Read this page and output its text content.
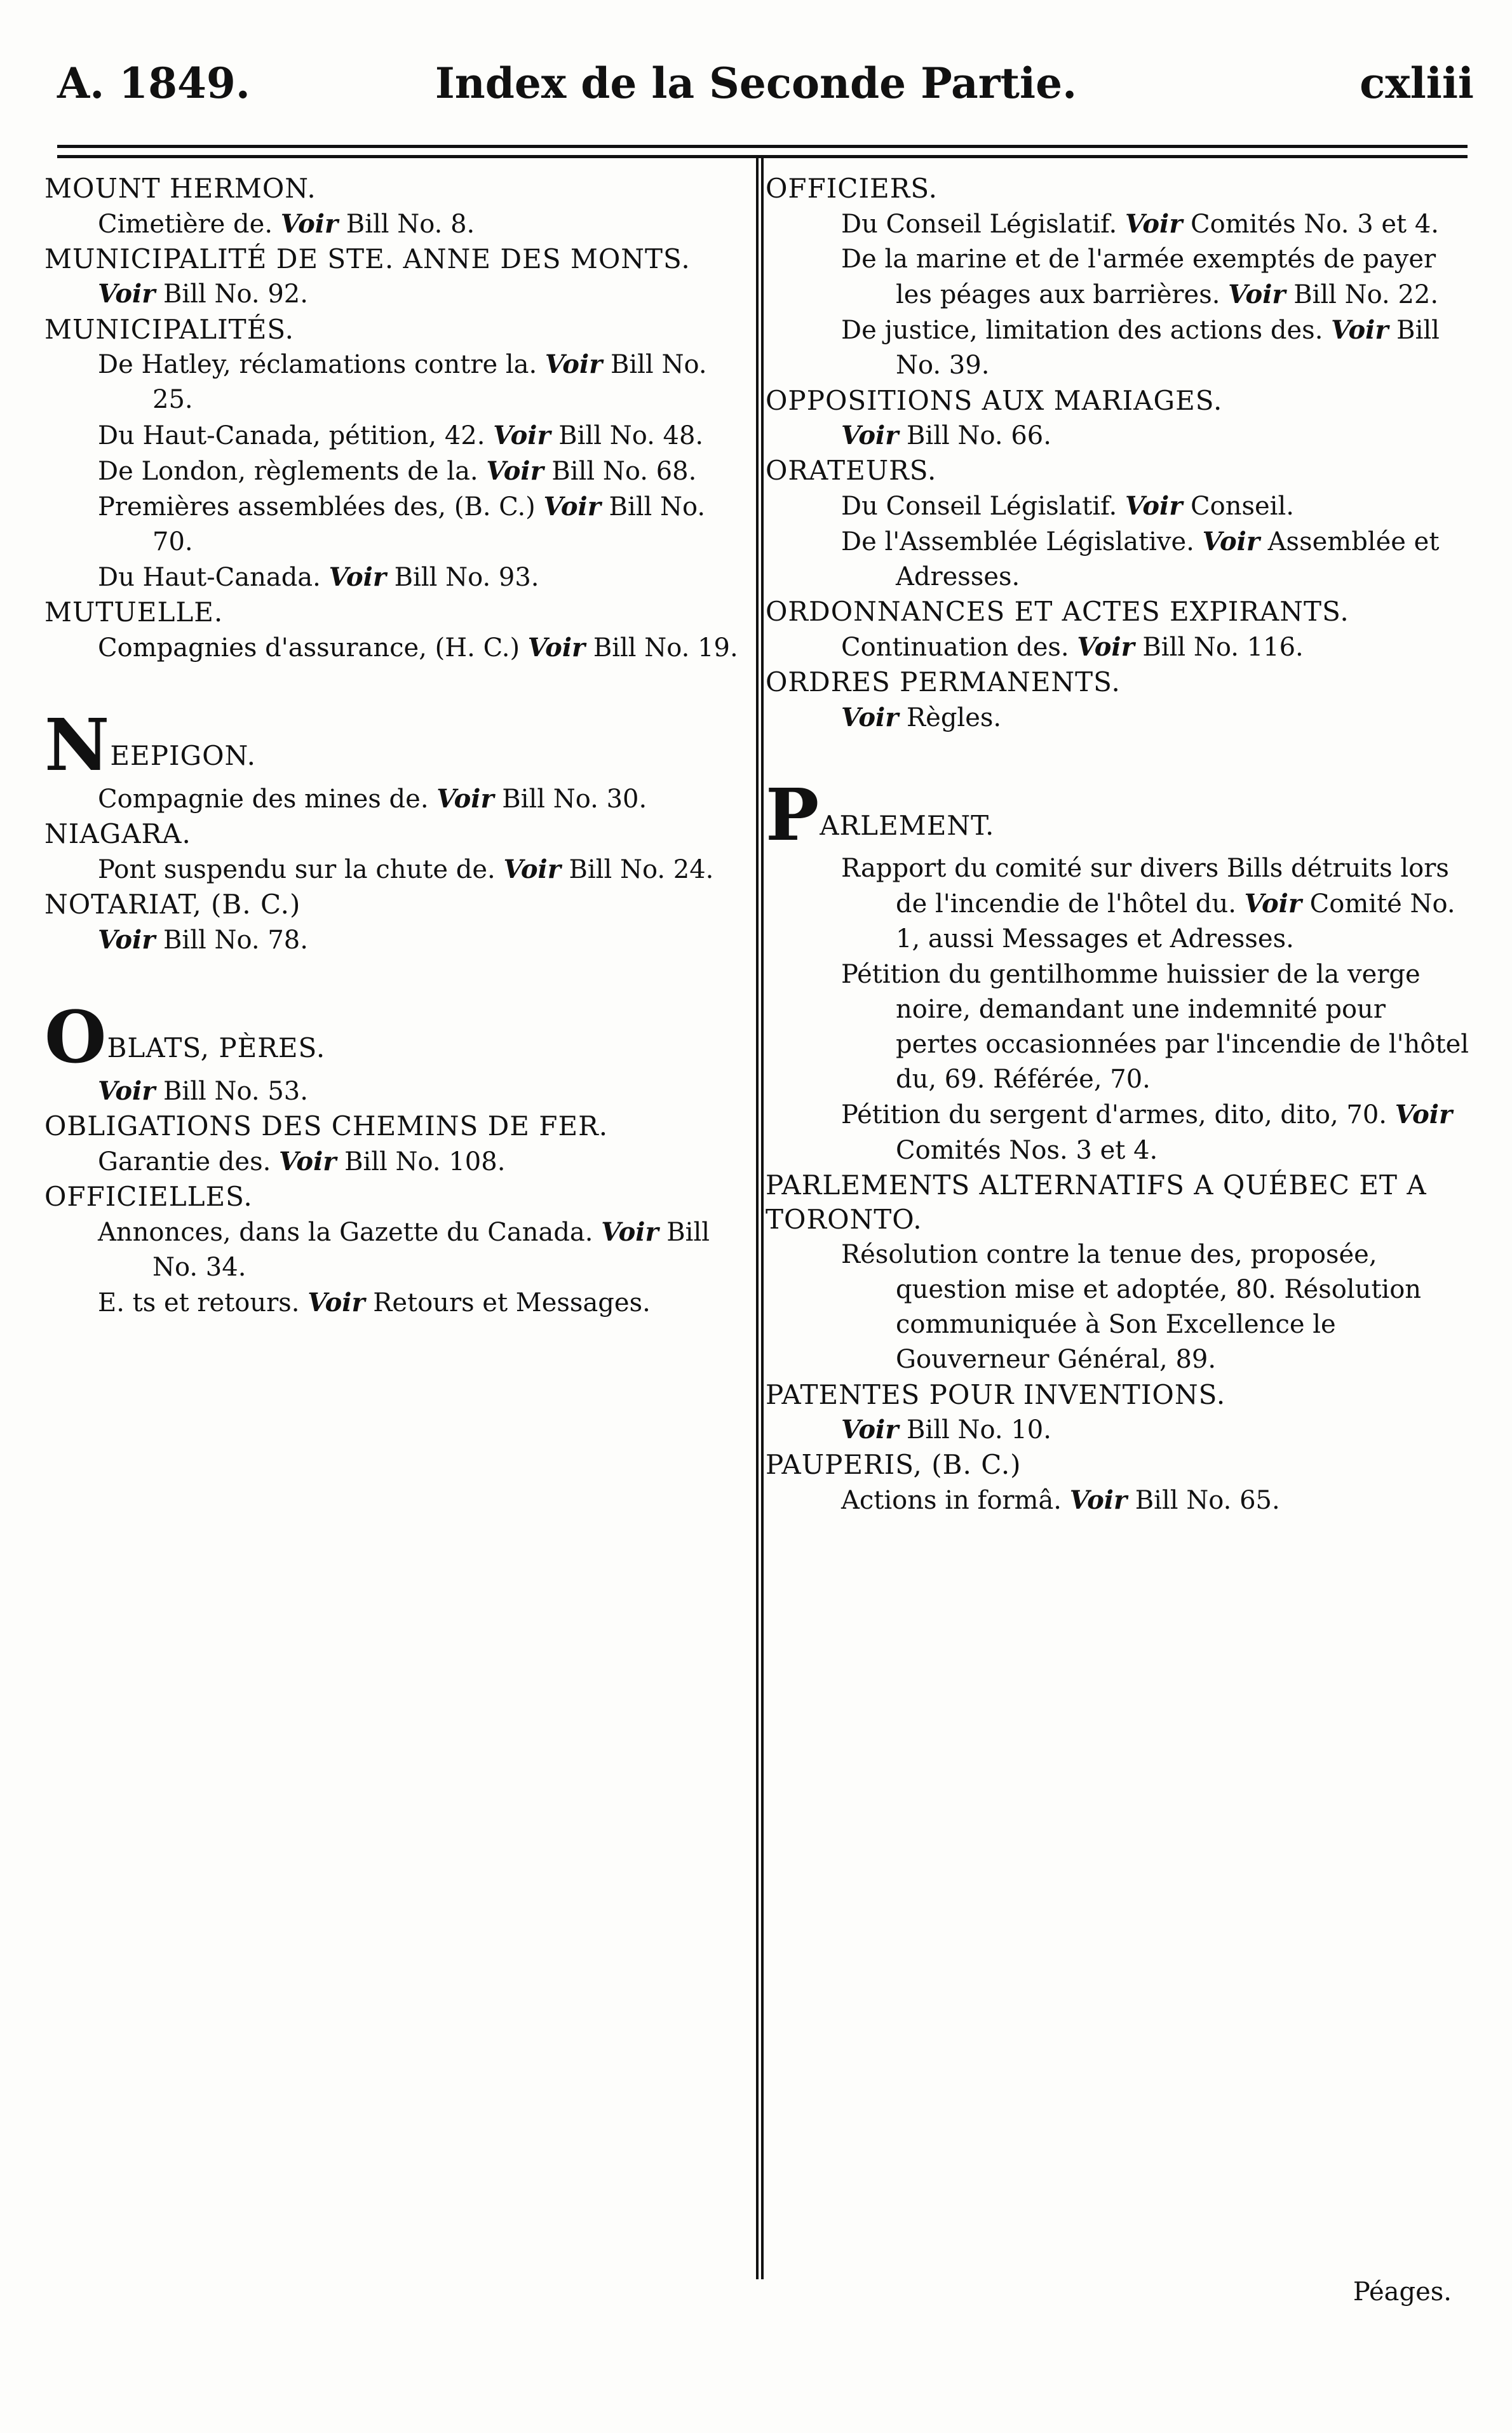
A. 1849.	Index de la Seconde Partie.	cxliii

MOUNT HERMON.

Cimetière de. Voir Bill No. 8.

MUNICIPALITÉ DE STE. ANNE DES MONTS.

Voir Bill No. 92.

MUNICIPALITÉS.

De Hatley, réclamations contre la. Voir Bill No. 25.

Du Haut-Canada, pétition, 42. Voir Bill No. 48.

De London, règlements de la. Voir Bill No. 68.

Premières assemblées des, (B. C.) Voir Bill No. 70.

Du Haut-Canada. Voir Bill No. 93.

MUTUELLE.

Compagnies d'assurance, (H. C.) Voir Bill No. 19.

NEEPIGON.

Compagnie des mines de. Voir Bill No. 30.

NIAGARA.

Pont suspendu sur la chute de. Voir Bill No. 24.

NOTARIAT, (B. C.)

Voir Bill No. 78.

OBLATS, PÈRES.

Voir Bill No. 53.

OBLIGATIONS DES CHEMINS DE FER.

Garantie des. Voir Bill No. 108.

OFFICIELLES.

Annonces, dans la Gazette du Canada. Voir Bill No. 34.

E. ts et retours. Voir Retours et Messages.

OFFICIERS.

Du Conseil Législatif. Voir Comités No. 3 et 4.

De la marine et de l'armée exemptés de payer les péages aux barrières. Voir Bill No. 22.

De justice, limitation des actions des. Voir Bill No. 39.

OPPOSITIONS AUX MARIAGES.

Voir Bill No. 66.

ORATEURS.

Du Conseil Législatif. Voir Conseil.

De l'Assemblée Législative. Voir Assemblée et Adresses.

ORDONNANCES ET ACTES EXPIRANTS.

Continuation des. Voir Bill No. 116.

ORDRES PERMANENTS.

Voir Règles.

PARLEMENT.

Rapport du comité sur divers Bills détruits lors de l'incendie de l'hôtel du. Voir Comité No. 1, aussi Messages et Adresses.

Pétition du gentilhomme huissier de la verge noire, demandant une indemnité pour pertes occasionnées par l'incendie de l'hôtel du, 69. Référée, 70.

Pétition du sergent d'armes, dito, dito, 70. Voir Comités Nos. 3 et 4.

PARLEMENTS ALTERNATIFS A QUÉBEC ET A TORONTO.

Résolution contre la tenue des, proposée, question mise et adoptée, 80. Résolution communiquée à Son Excellence le Gouverneur Général, 89.

PATENTES POUR INVENTIONS.

Voir Bill No. 10.

PAUPERIS, (B. C.)

Actions in formâ. Voir Bill No. 65.

Péages.
